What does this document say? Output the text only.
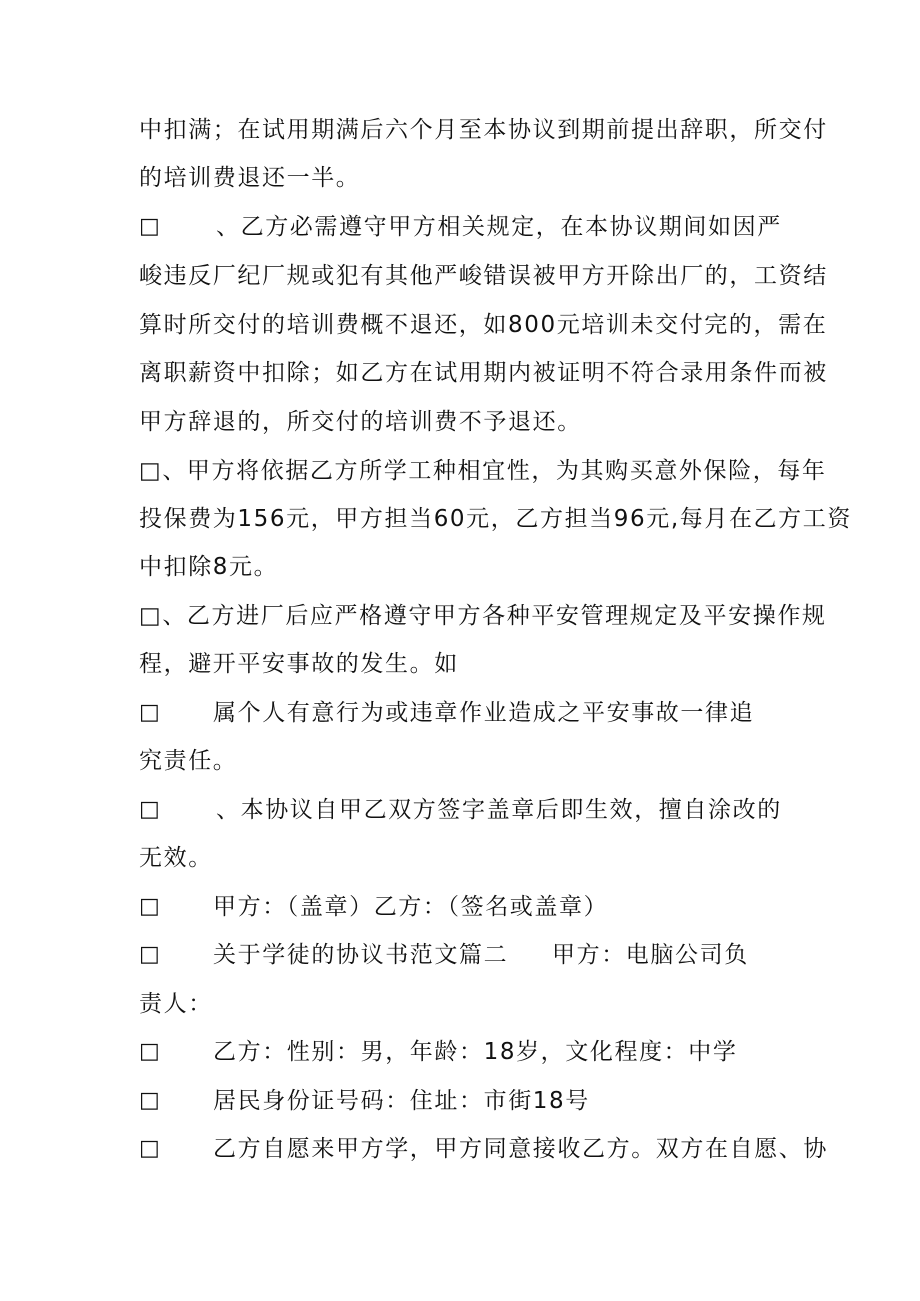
中扣满；在试用期满后六个月至本协议到期前提出辞职，所交付
的培训费退还一半。
□ 、乙方必需遵守甲方相关规定，在本协议期间如因严
峻违反厂纪厂规或犯有其他严峻错误被甲方开除出厂的，工资结
算时所交付的培训费概不退还，如800元培训未交付完的，需在
离职薪资中扣除；如乙方在试用期内被证明不符合录用条件而被
甲方辞退的，所交付的培训费不予退还。
□、甲方将依据乙方所学工种相宜性，为其购买意外保险，每年
投保费为156元，甲方担当60元，乙方担当96元,每月在乙方工资
中扣除8元。
□、乙方进厂后应严格遵守甲方各种平安管理规定及平安操作规
程，避开平安事故的发生。如
□ 属个人有意行为或违章作业造成之平安事故一律追
究责任。
□ 、本协议自甲乙双方签字盖章后即生效，擅自涂改的
无效。
□ 甲方：（盖章）乙方：（签名或盖章）
□ 关于学徒的协议书范文篇二 甲方：电脑公司负
责人：
□ 乙方：性别：男，年龄：18岁，文化程度：中学
□ 居民身份证号码：住址：市街18号
□ 乙方自愿来甲方学，甲方同意接收乙方。双方在自愿、协
